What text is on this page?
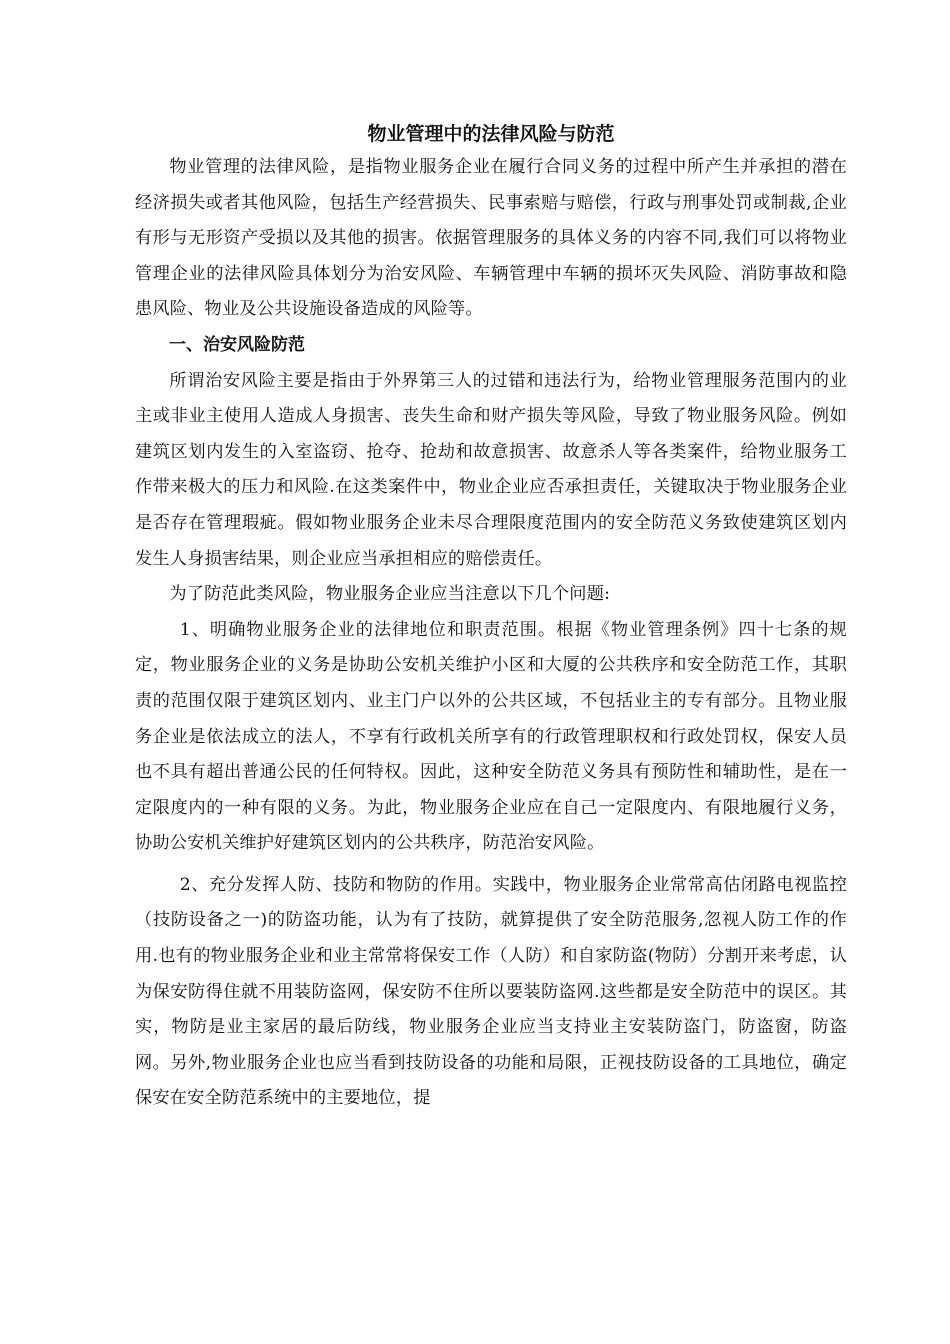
物业管理中的法律风险与防范

物业管理的法律风险，是指物业服务企业在履行合同义务的过程中所产生并承担的潜在经济损失或者其他风险，包括生产经营损失、民事索赔与赔偿，行政与刑事处罚或制裁,企业有形与无形资产受损以及其他的损害。依据管理服务的具体义务的内容不同,我们可以将物业管理企业的法律风险具体划分为治安风险、车辆管理中车辆的损坏灭失风险、消防事故和隐患风险、物业及公共设施设备造成的风险等。

一、治安风险防范

所谓治安风险主要是指由于外界第三人的过错和违法行为，给物业管理服务范围内的业主或非业主使用人造成人身损害、丧失生命和财产损失等风险，导致了物业服务风险。例如建筑区划内发生的入室盗窃、抢夺、抢劫和故意损害、故意杀人等各类案件，给物业服务工作带来极大的压力和风险.在这类案件中，物业企业应否承担责任，关键取决于物业服务企业是否存在管理瑕疵。假如物业服务企业未尽合理限度范围内的安全防范义务致使建筑区划内发生人身损害结果，则企业应当承担相应的赔偿责任。

为了防范此类风险，物业服务企业应当注意以下几个问题:

1、明确物业服务企业的法律地位和职责范围。根据《物业管理条例》四十七条的规定，物业服务企业的义务是协助公安机关维护小区和大厦的公共秩序和安全防范工作，其职责的范围仅限于建筑区划内、业主门户以外的公共区域，不包括业主的专有部分。且物业服务企业是依法成立的法人，不享有行政机关所享有的行政管理职权和行政处罚权，保安人员也不具有超出普通公民的任何特权。因此，这种安全防范义务具有预防性和辅助性，是在一定限度内的一种有限的义务。为此，物业服务企业应在自己一定限度内、有限地履行义务，协助公安机关维护好建筑区划内的公共秩序，防范治安风险。

2、充分发挥人防、技防和物防的作用。实践中，物业服务企业常常高估闭路电视监控（技防设备之一)的防盗功能，认为有了技防，就算提供了安全防范服务,忽视人防工作的作用.也有的物业服务企业和业主常常将保安工作（人防）和自家防盗(物防）分割开来考虑，认为保安防得住就不用装防盗网，保安防不住所以要装防盗网.这些都是安全防范中的误区。其实，物防是业主家居的最后防线，物业服务企业应当支持业主安装防盗门，防盗窗，防盗网。另外,物业服务企业也应当看到技防设备的功能和局限，正视技防设备的工具地位，确定保安在安全防范系统中的主要地位，提
